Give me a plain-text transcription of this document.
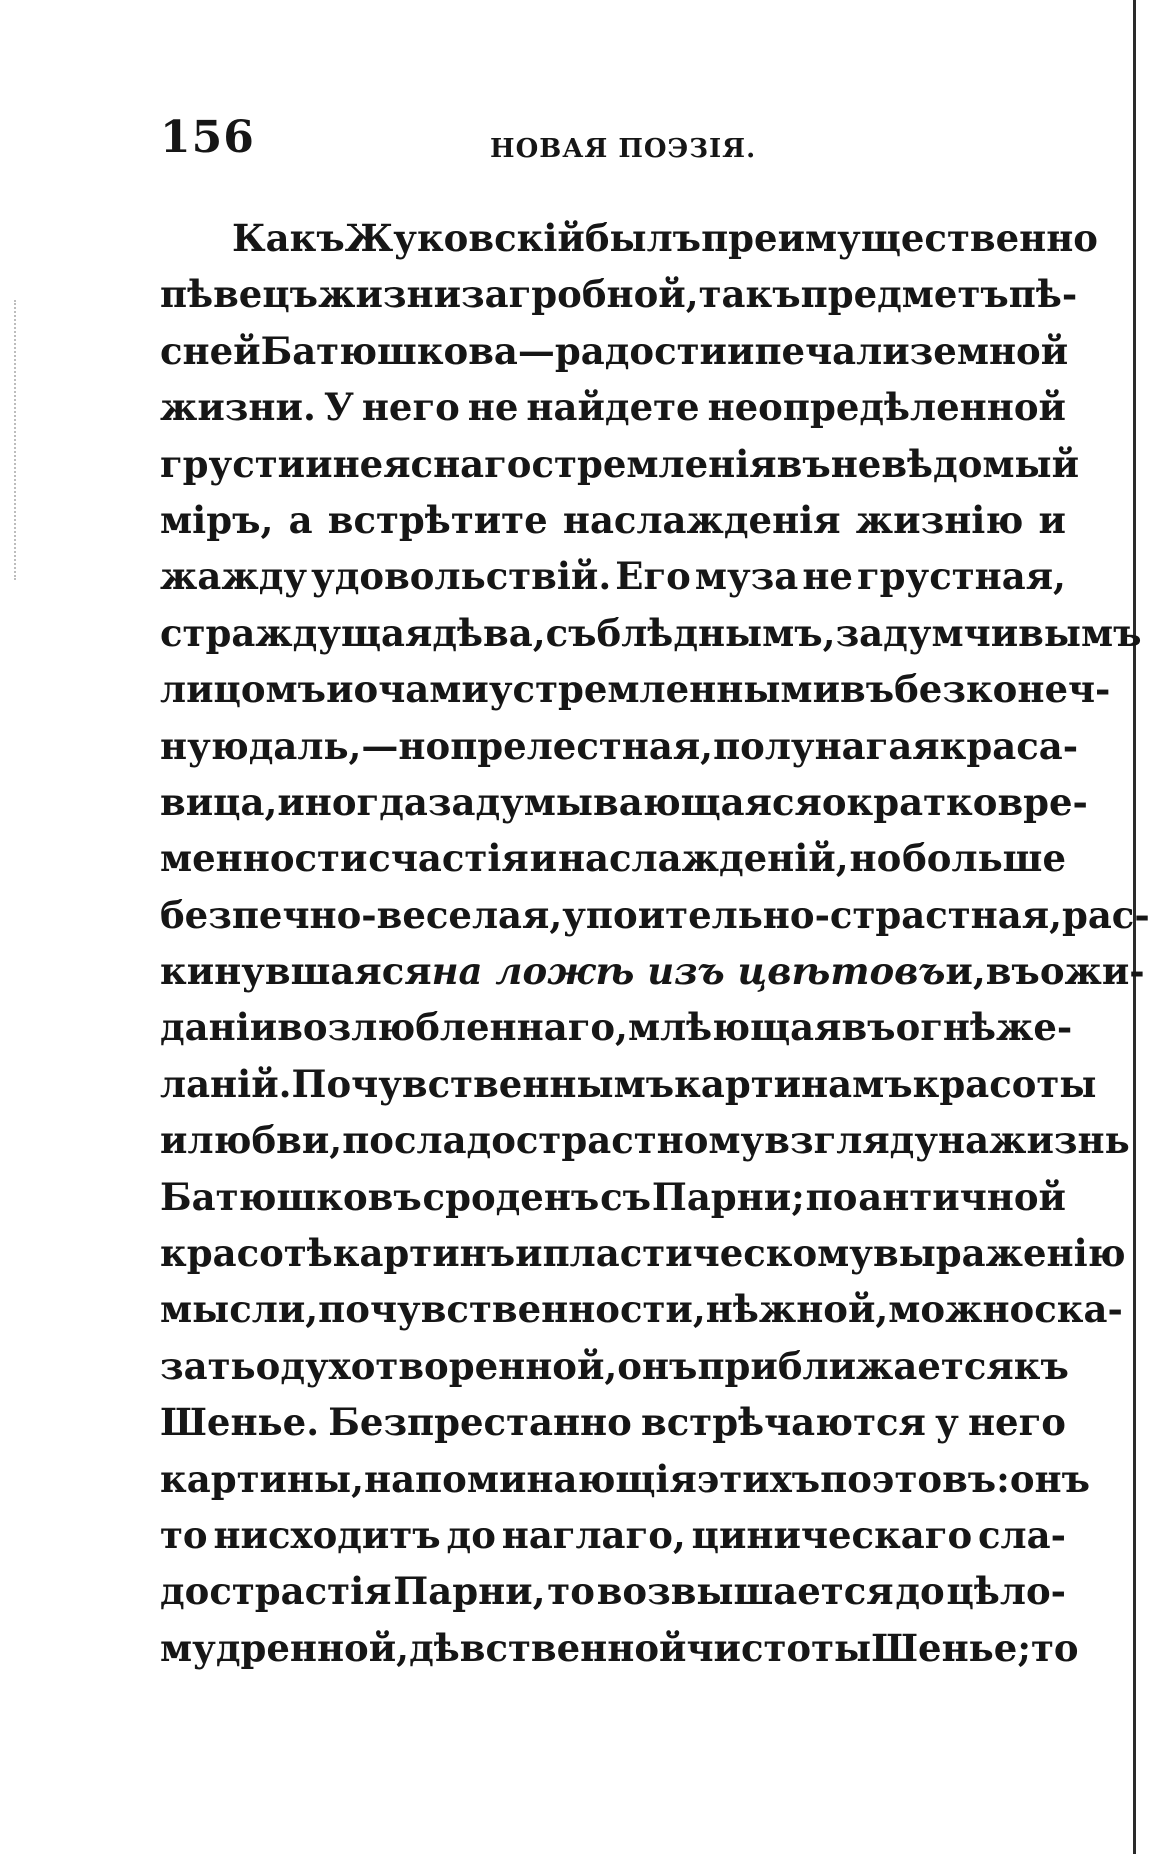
156	НОВАЯ ПОЭЗІЯ.
Какъ Жуковскій былъ преимущественно
пѣвецъ жизни загробной, такъ предметъ пѣ-
сней Батюшкова — радости и печали земной
жизни. У него не найдете неопредѣленной
грусти и неяснаго стремленія въ невѣдомый
міръ, а встрѣтите наслажденія жизнію и
жажду удовольствій. Его муза не грустная,
страждущая дѣва, съ блѣднымъ, задумчивымъ
лицомъ и очами устремленными въ безконеч-
ную даль,—но прелестная, полунагая краса-
вица, иногда задумывающаяся о кратковре-
менности счастія и наслажденій, но больше
безпечно-веселая, упоительно-страстная, рас-
кинувшаяся на ложѣ изъ цвѣтовъ и, въ ожи-
даніи возлюбленнаго, млѣющая въ огнѣ же-
ланій. По чувственнымъ картинамъ красоты
и любви, по сладострастному взгляду на жизнь
Батюшковъ сроденъ съ Парни; по античной
красотѣ картинъ и пластическому выраженію
мысли, по чувственности, нѣжной, можно ска-
зать одухотворенной, онъ приближается къ
Шенье. Безпрестанно встрѣчаются у него
картины, напоминающія этихъ поэтовъ: онъ
то нисходитъ до наглаго, циническаго сла-
дострастія Парни, то возвышается до цѣло-
мудренной, дѣвственной чистоты Шенье; то
